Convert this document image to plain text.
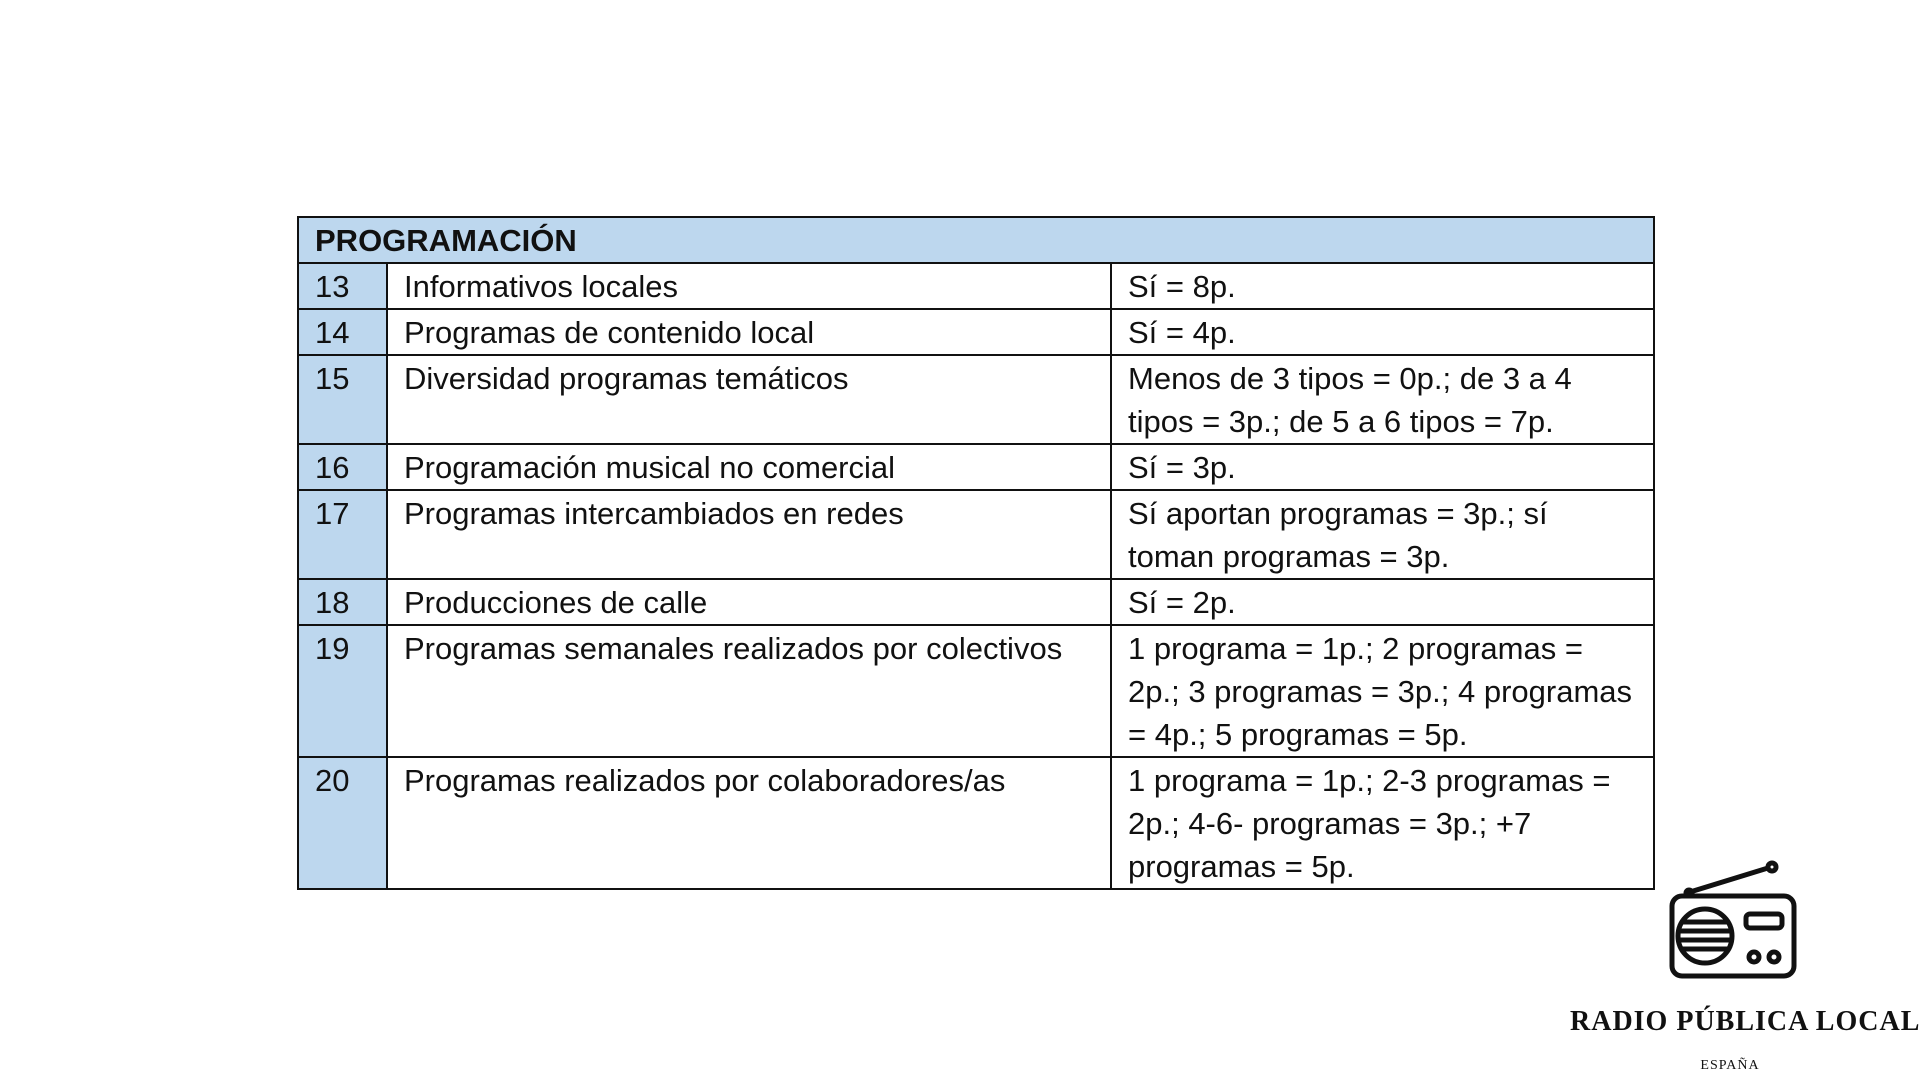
PROGRAMACIÓN		
13	Informativos locales	Sí = 8p.
14	Programas de contenido local	Sí = 4p.
15	Diversidad programas temáticos	Menos de 3 tipos = 0p.; de 3 a 4 tipos = 3p.; de 5 a 6 tipos = 7p.
16	Programación musical no comercial	Sí = 3p.
17	Programas intercambiados en redes	Sí aportan programas = 3p.; sí toman programas = 3p.
18	Producciones de calle	Sí = 2p.
19	Programas semanales realizados por colectivos	1 programa = 1p.; 2 programas = 2p.; 3 programas = 3p.; 4 programas = 4p.; 5 programas = 5p.
20	Programas realizados por colaboradores/as	1 programa = 1p.; 2-3 programas = 2p.; 4-6- programas = 3p.; +7 programas = 5p.
RADIO PÚBLICA LOCAL
ESPAÑA
